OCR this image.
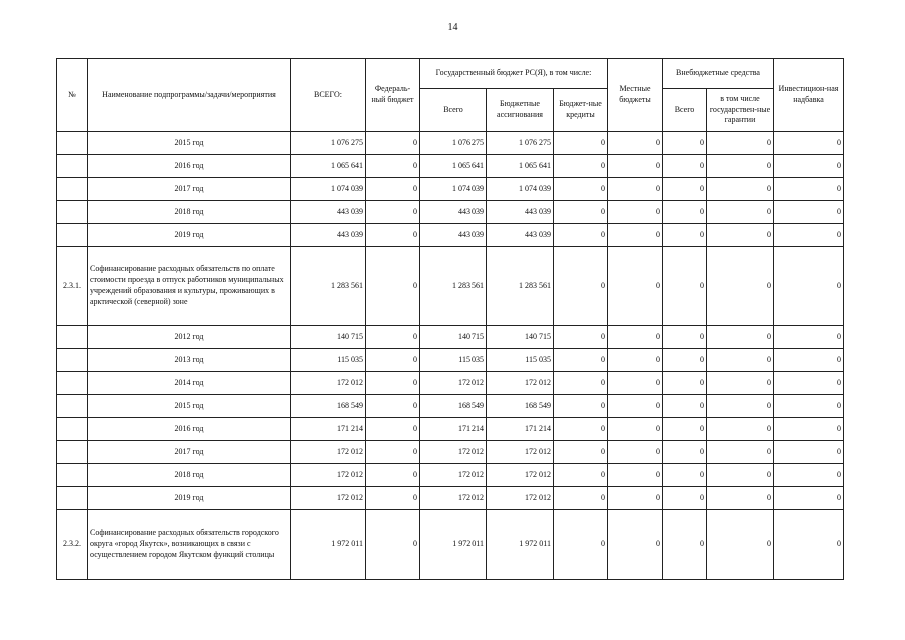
14
№	Наименование подпрограммы/задачи/мероприятия	ВСЕГО:	Федераль-ный бюджет	Государственный бюджет РС(Я), в том числе:			Местные бюджеты	Внебюджетные средства		Инвестицион-ная надбавка
				Всего	Бюджетные ассигнования	Бюджет-ные кредиты		Всего	в том числе государствен-ные гарантии	
	2015 год	1 076 275	0	1 076 275	1 076 275	0	0	0	0	0
	2016 год	1 065 641	0	1 065 641	1 065 641	0	0	0	0	0
	2017 год	1 074 039	0	1 074 039	1 074 039	0	0	0	0	0
	2018 год	443 039	0	443 039	443 039	0	0	0	0	0
	2019 год	443 039	0	443 039	443 039	0	0	0	0	0
2.3.1.	Софинансирование расходных обязательств по оплате стоимости проезда в отпуск работников муниципальных учреждений образования и культуры, проживающих в арктической (северной) зоне	1 283 561	0	1 283 561	1 283 561	0	0	0	0	0
	2012 год	140 715	0	140 715	140 715	0	0	0	0	0
	2013 год	115 035	0	115 035	115 035	0	0	0	0	0
	2014 год	172 012	0	172 012	172 012	0	0	0	0	0
	2015 год	168 549	0	168 549	168 549	0	0	0	0	0
	2016 год	171 214	0	171 214	171 214	0	0	0	0	0
	2017 год	172 012	0	172 012	172 012	0	0	0	0	0
	2018 год	172 012	0	172 012	172 012	0	0	0	0	0
	2019 год	172 012	0	172 012	172 012	0	0	0	0	0
2.3.2.	Софинансирование расходных обязательств городского округа «город Якутск», возникающих в связи с осуществлением городом Якутском функций столицы	1 972 011	0	1 972 011	1 972 011	0	0	0	0	0
